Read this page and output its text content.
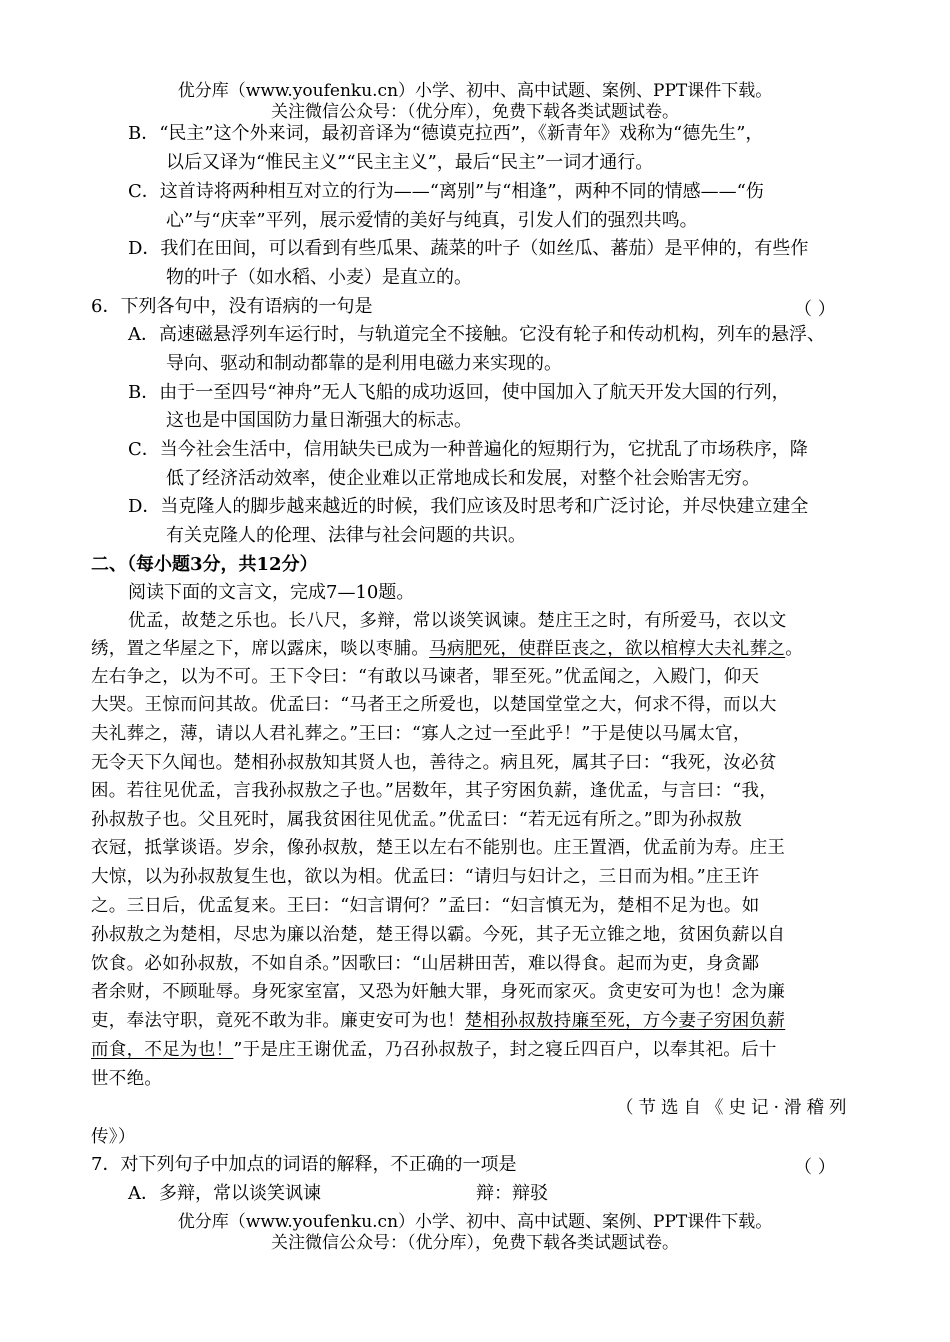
优分库（www.youfenku.cn）小学、初中、高中试题、案例、PPT课件下载。
关注微信公众号：（优分库），免费下载各类试题试卷。
B．“民主”这个外来词，最初音译为“德谟克拉西”，《新青年》戏称为“德先生”，
以后又译为“惟民主义”“民主主义”，最后“民主”一词才通行。
C．这首诗将两种相互对立的行为——“离别”与“相逢”，两种不同的情感——“伤
心”与“庆幸”平列，展示爱情的美好与纯真，引发人们的强烈共鸣。
D．我们在田间，可以看到有些瓜果、蔬菜的叶子（如丝瓜、蕃茄）是平伸的，有些作
物的叶子（如水稻、小麦）是直立的。
6．下列各句中，没有语病的一句是	（ ）
A．高速磁悬浮列车运行时，与轨道完全不接触。它没有轮子和传动机构，列车的悬浮、
导向、驱动和制动都靠的是利用电磁力来实现的。
B．由于一至四号“神舟”无人飞船的成功返回，使中国加入了航天开发大国的行列，
这也是中国国防力量日渐强大的标志。
C．当今社会生活中，信用缺失已成为一种普遍化的短期行为，它扰乱了市场秩序，降
低了经济活动效率，使企业难以正常地成长和发展，对整个社会贻害无穷。
D．当克隆人的脚步越来越近的时候，我们应该及时思考和广泛讨论，并尽快建立建全
有关克隆人的伦理、法律与社会问题的共识。
二、（每小题3分，共12分）
阅读下面的文言文，完成7—10题。
优孟，故楚之乐也。长八尺，多辩，常以谈笑讽谏。楚庄王之时，有所爱马，衣以文
绣，置之华屋之下，席以露床，啖以枣脯。马病肥死，使群臣丧之，欲以棺椁大夫礼葬之。
左右争之，以为不可。王下令曰：“有敢以马谏者，罪至死。”优孟闻之，入殿门，仰天
大哭。王惊而问其故。优孟曰：“马者王之所爱也，以楚国堂堂之大，何求不得，而以大
夫礼葬之，薄，请以人君礼葬之。”王曰：“寡人之过一至此乎！”于是使以马属太官，
无令天下久闻也。楚相孙叔敖知其贤人也，善待之。病且死，属其子曰：“我死，汝必贫
困。若往见优孟，言我孙叔敖之子也。”居数年，其子穷困负薪，逢优孟，与言曰：“我，
孙叔敖子也。父且死时，属我贫困往见优孟。”优孟曰：“若无远有所之。”即为孙叔敖
衣冠，抵掌谈语。岁余，像孙叔敖，楚王以左右不能别也。庄王置酒，优孟前为寿。庄王
大惊，以为孙叔敖复生也，欲以为相。优孟曰：“请归与妇计之，三日而为相。”庄王许
之。三日后，优孟复来。王曰：“妇言谓何？”孟曰：“妇言慎无为，楚相不足为也。如
孙叔敖之为楚相，尽忠为廉以治楚，楚王得以霸。今死，其子无立锥之地，贫困负薪以自
饮食。必如孙叔敖，不如自杀。”因歌曰：“山居耕田苦，难以得食。起而为吏，身贪鄙
者余财，不顾耻辱。身死家室富，又恐为奸触大罪，身死而家灭。贪吏安可为也！念为廉
吏，奉法守职，竟死不敢为非。廉吏安可为也！楚相孙叔敖持廉至死，方今妻子穷困负薪
而食，不足为也！”于是庄王谢优孟，乃召孙叔敖子，封之寝丘四百户，以奉其祀。后十
世不绝。
（节选自《史记·滑稽列
传》）
7．对下列句子中加点的词语的解释，不正确的一项是	（ ）
A．多辩，常以谈笑讽谏	辩：辩驳
优分库（www.youfenku.cn）小学、初中、高中试题、案例、PPT课件下载。
关注微信公众号：（优分库），免费下载各类试题试卷。
